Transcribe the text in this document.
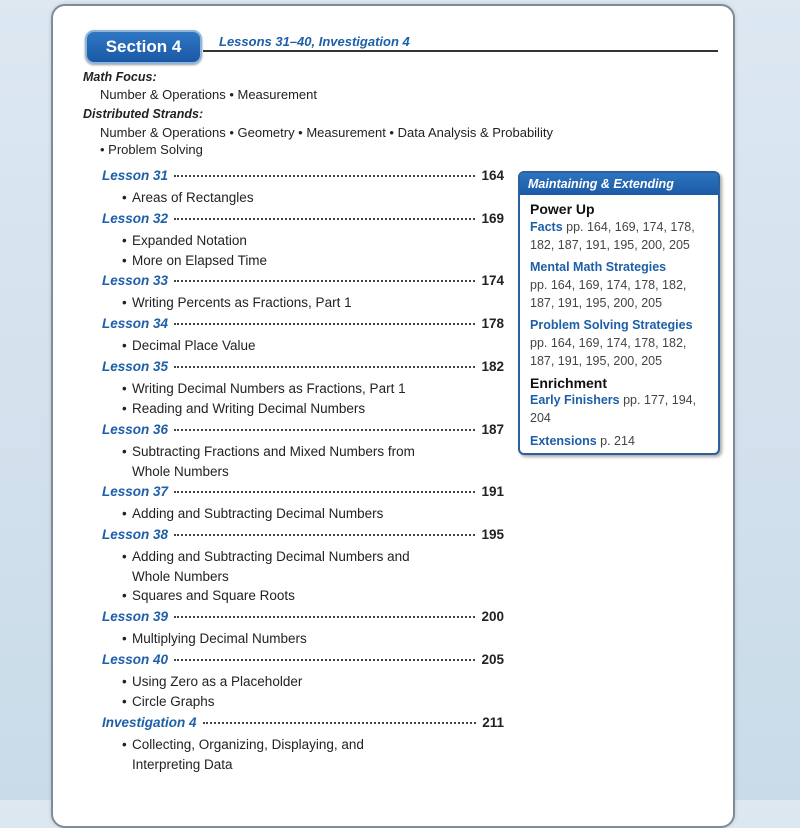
Section 4	Lessons 31–40, Investigation 4
Math Focus:
Number & Operations • Measurement
Distributed Strands:
Number & Operations • Geometry • Measurement • Data Analysis & Probability
• Problem Solving
Lesson 31	164
• Areas of Rectangles
Lesson 32	169
• Expanded Notation
• More on Elapsed Time
Lesson 33	174
• Writing Percents as Fractions, Part 1
Lesson 34	178
• Decimal Place Value
Lesson 35	182
• Writing Decimal Numbers as Fractions, Part 1
• Reading and Writing Decimal Numbers
Lesson 36	187
• Subtracting Fractions and Mixed Numbers from
Whole Numbers
Lesson 37	191
• Adding and Subtracting Decimal Numbers
Lesson 38	195
• Adding and Subtracting Decimal Numbers and
Whole Numbers
• Squares and Square Roots
Lesson 39	200
• Multiplying Decimal Numbers
Lesson 40	205
• Using Zero as a Placeholder
• Circle Graphs
Investigation 4	211
• Collecting, Organizing, Displaying, and
Interpreting Data
Maintaining & Extending
Power Up
Facts pp. 164, 169, 174, 178, 182, 187, 191, 195, 200, 205
Mental Math Strategies
pp. 164, 169, 174, 178, 182, 187, 191, 195, 200, 205
Problem Solving Strategies
pp. 164, 169, 174, 178, 182, 187, 191, 195, 200, 205
Enrichment
Early Finishers pp. 177, 194, 204
Extensions p. 214
